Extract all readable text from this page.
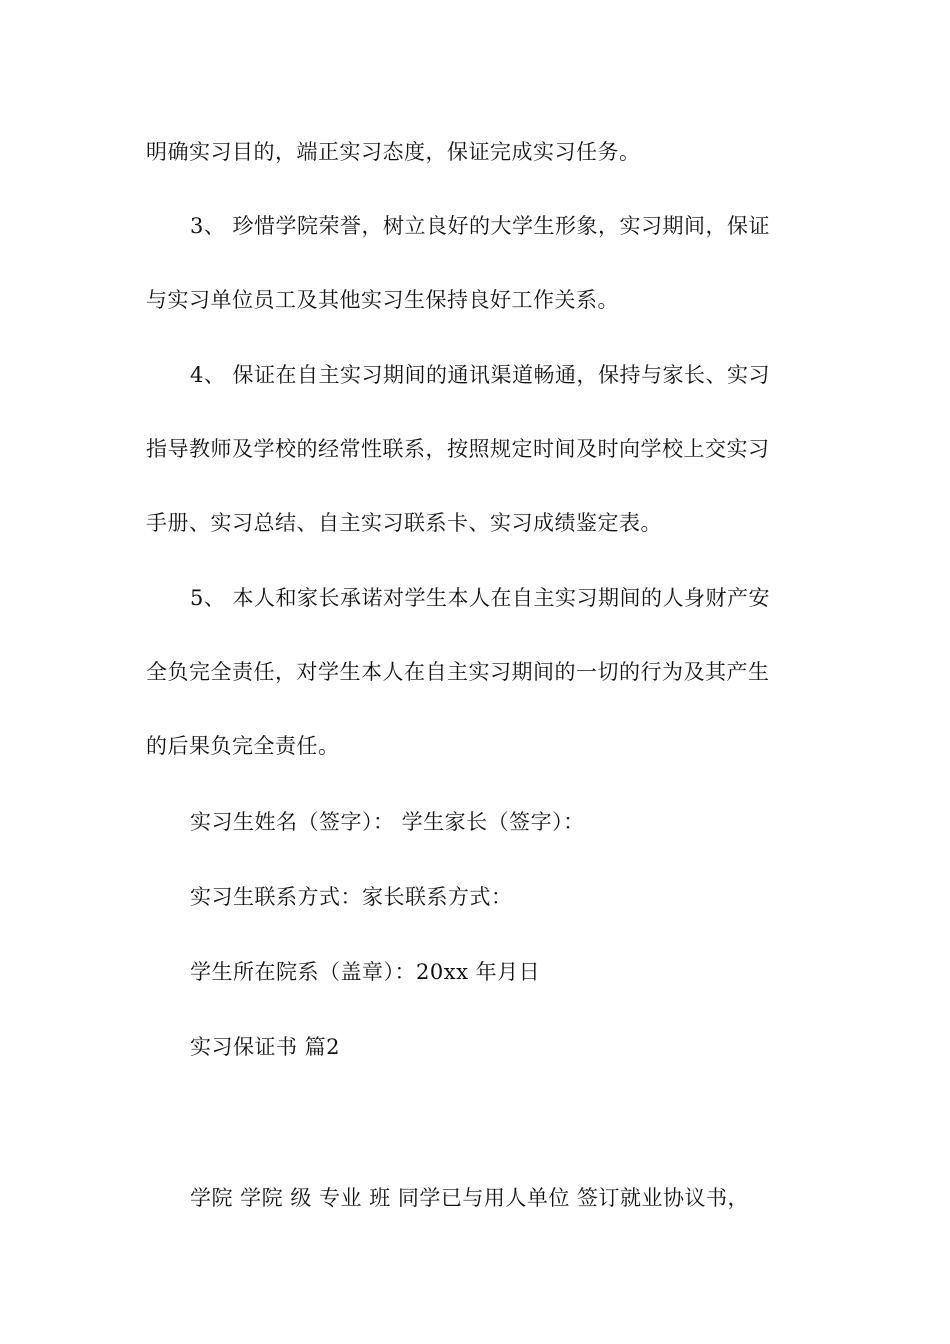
明确实习目的，端正实习态度，保证完成实习任务。
3、 珍惜学院荣誉，树立良好的大学生形象，实习期间，保证
与实习单位员工及其他实习生保持良好工作关系。
4、 保证在自主实习期间的通讯渠道畅通，保持与家长、实习
指导教师及学校的经常性联系，按照规定时间及时向学校上交实习
手册、实习总结、自主实习联系卡、实习成绩鉴定表。
5、 本人和家长承诺对学生本人在自主实习期间的人身财产安
全负完全责任，对学生本人在自主实习期间的一切的行为及其产生
的后果负完全责任。
实习生姓名（签字）： 学生家长（签字）：
实习生联系方式：家长联系方式：
学生所在院系（盖章）：20xx 年月日
实习保证书 篇2
学院 学院 级 专业 班 同学已与用人单位 签订就业协议书，
